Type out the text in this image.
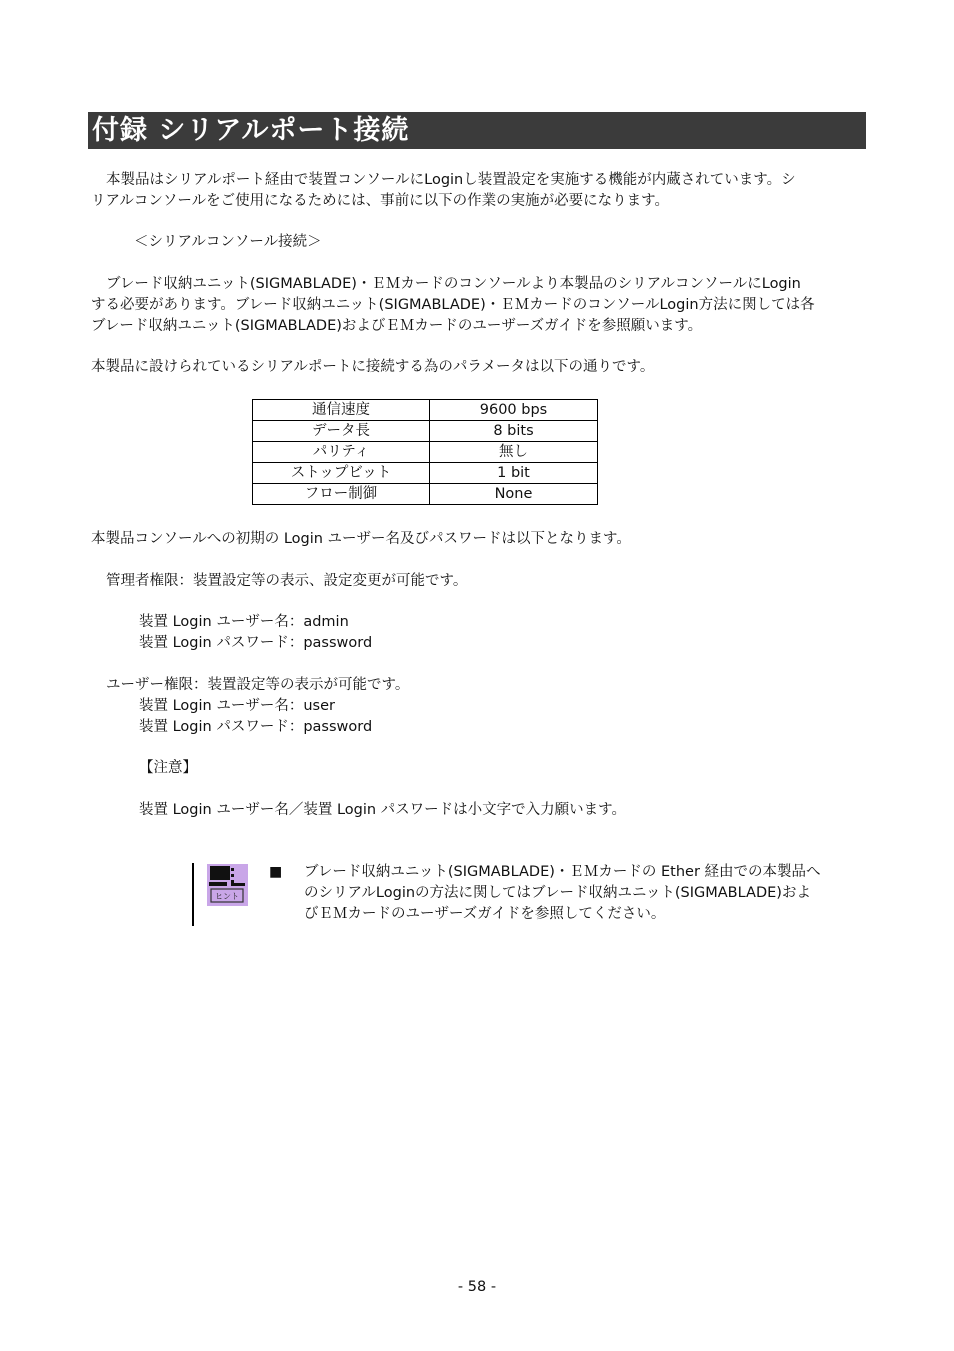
付録 シリアルポート接続
本製品はシリアルポート経由で装置コンソールにLoginし装置設定を実施する機能が内蔵されています。シ
リアルコンソールをご使用になるためには、事前に以下の作業の実施が必要になります。
＜シリアルコンソール接続＞
ブレード収納ユニット(SIGMABLADE)・ＥＭカードのコンソールより本製品のシリアルコンソールにLogin
する必要があります。ブレード収納ユニット(SIGMABLADE)・ＥＭカードのコンソールLogin方法に関しては各
ブレード収納ユニット(SIGMABLADE)およびＥＭカードのユーザーズガイドを参照願います。
本製品に設けられているシリアルポートに接続する為のパラメータは以下の通りです。
通信速度	9600 bps
データ長	8 bits
パリティ	無し
ストップビット	1 bit
フロー制御	None
本製品コンソールへの初期の Login ユーザー名及びパスワードは以下となります。
管理者権限：装置設定等の表示、設定変更が可能です。
装置 Login ユーザー名：admin
装置 Login パスワード：password
ユーザー権限：装置設定等の表示が可能です。
装置 Login ユーザー名：user
装置 Login パスワード：password
【注意】
装置 Login ユーザー名／装置 Login パスワードは小文字で入力願います。
ヒント
■ ブレード収納ユニット(SIGMABLADE)・ＥＭカードの Ether 経由での本製品へ
のシリアルLoginの方法に関してはブレード収納ユニット(SIGMABLADE)およ
びＥＭカードのユーザーズガイドを参照してください。
- 58 -
